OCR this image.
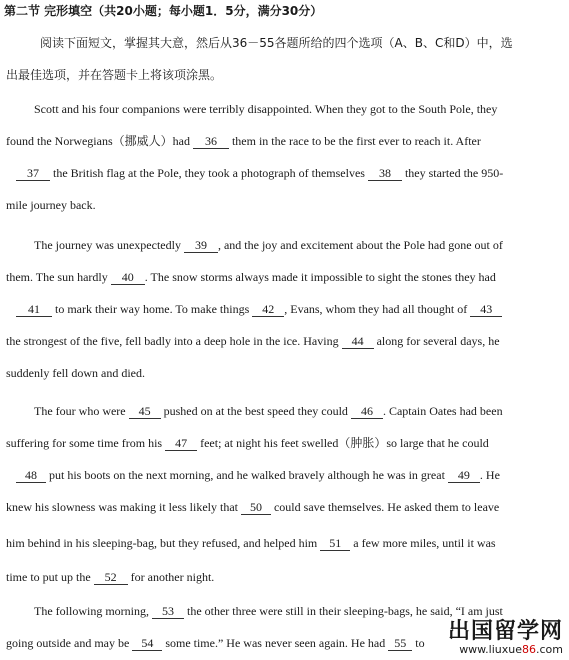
第二节 完形填空（共20小题；每小题1．5分，满分30分）
阅读下面短文，掌握其大意，然后从36－55各题所给的四个选项（A、B、C和D）中，选
出最佳选项，并在答题卡上将该项涂黑。
Scott and his four companions were terribly disappointed. When they got to the South Pole, they
found the Norwegians（挪威人）had 36 them in the race to be the first ever to reach it. After
37 the British flag at the Pole, they took a photograph of themselves 38 they started the 950-
mile journey back.
The journey was unexpectedly 39 , and the joy and excitement about the Pole had gone out of
them. The sun hardly 40 . The snow storms always made it impossible to sight the stones they had
41 to mark their way home. To make things 42 , Evans, whom they had all thought of 43
the strongest of the five, fell badly into a deep hole in the ice. Having 44 along for several days, he
suddenly fell down and died.
The four who were 45 pushed on at the best speed they could 46 . Captain Oates had been
suffering for some time from his 47 feet; at night his feet swelled（肿胀）so large that he could
48 put his boots on the next morning, and he walked bravely although he was in great 49 . He
knew his slowness was making it less likely that 50 could save themselves. He asked them to leave
him behind in his sleeping-bag, but they refused, and helped him 51 a few more miles, until it was
time to put up the 52 for another night.
The following morning, 53 the other three were still in their sleeping-bags, he said, “I am just
going outside and may be 54 some time.” He was never seen again. He had 55 to	出国留学网
www.liuxue86.com
